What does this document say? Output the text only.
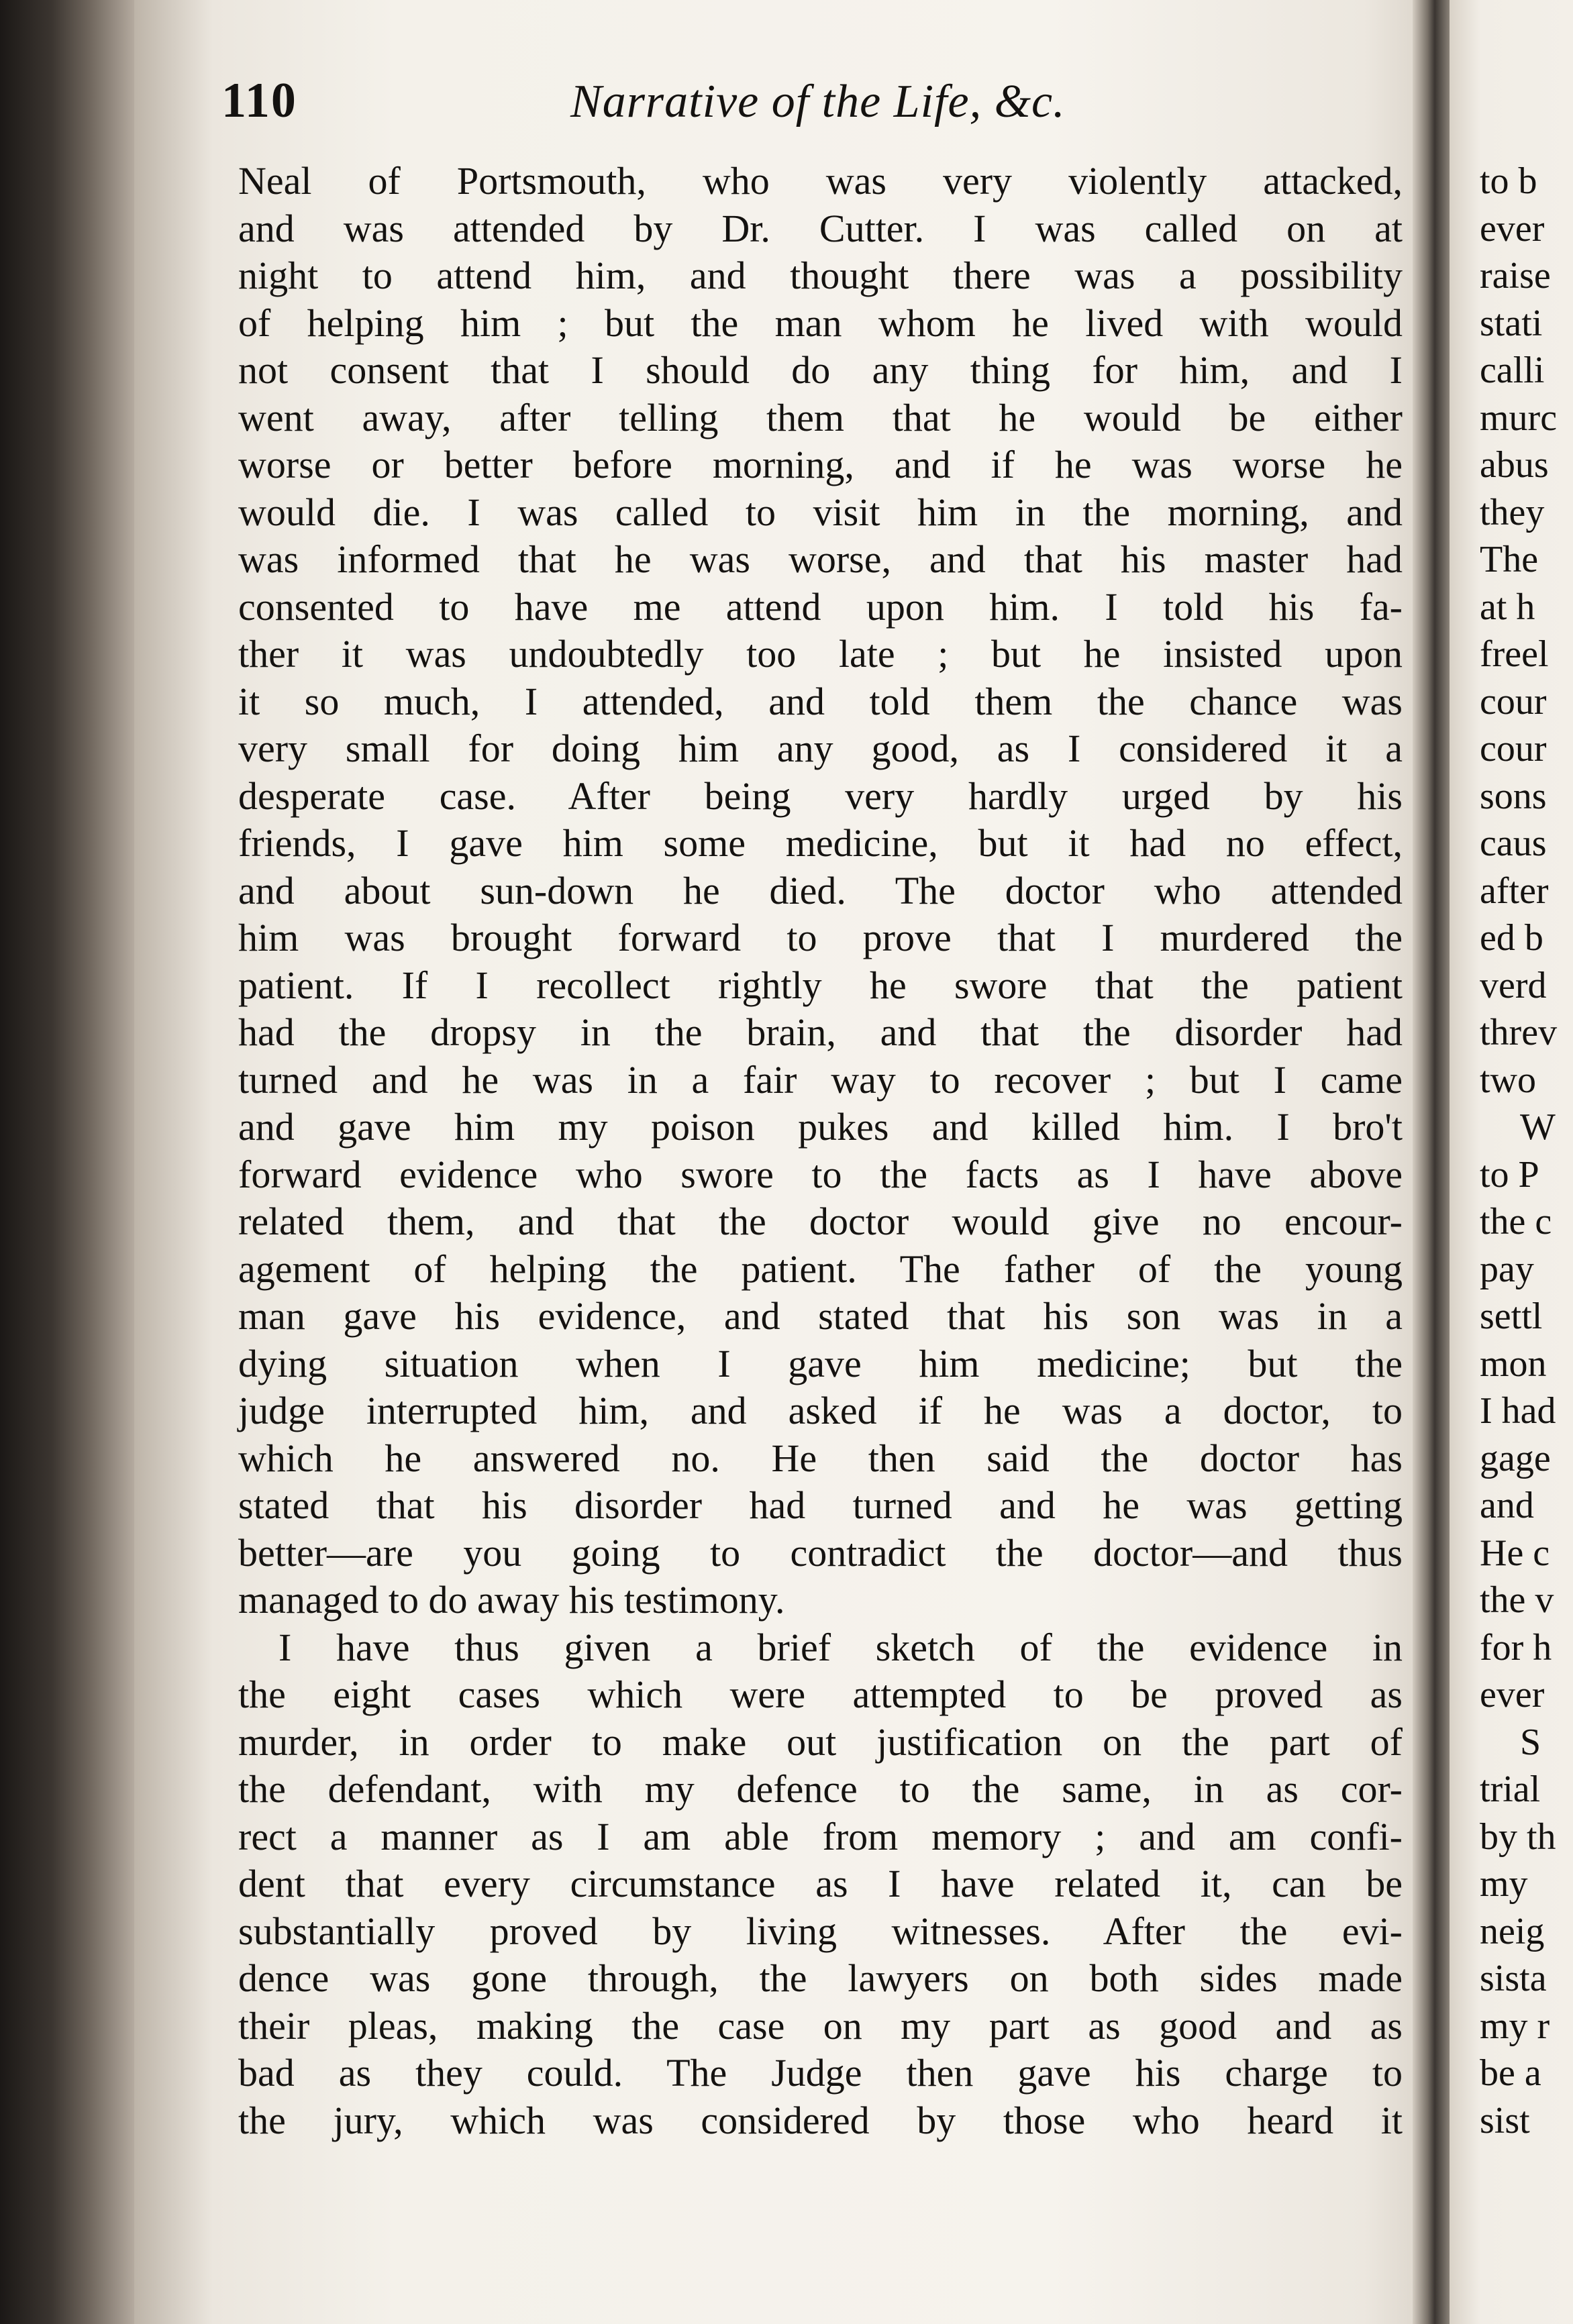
110	Narrative of the Life, &c.
Neal of Portsmouth, who was very violently attacked,
and was attended by Dr. Cutter. I was called on at
night to attend him, and thought there was a possibility
of helping him ; but the man whom he lived with would
not consent that I should do any thing for him, and I
went away, after telling them that he would be either
worse or better before morning, and if he was worse he
would die. I was called to visit him in the morning, and
was informed that he was worse, and that his master had
consented to have me attend upon him. I told his fa-
ther it was undoubtedly too late ; but he insisted upon
it so much, I attended, and told them the chance was
very small for doing him any good, as I considered it a
desperate case. After being very hardly urged by his
friends, I gave him some medicine, but it had no effect,
and about sun-down he died. The doctor who attended
him was brought forward to prove that I murdered the
patient. If I recollect rightly he swore that the patient
had the dropsy in the brain, and that the disorder had
turned and he was in a fair way to recover ; but I came
and gave him my poison pukes and killed him. I bro't
forward evidence who swore to the facts as I have above
related them, and that the doctor would give no encour-
agement of helping the patient. The father of the young
man gave his evidence, and stated that his son was in a
dying situation when I gave him medicine; but the
judge interrupted him, and asked if he was a doctor, to
which he answered no. He then said the doctor has
stated that his disorder had turned and he was getting
better—are you going to contradict the doctor—and thus
managed to do away his testimony.
I have thus given a brief sketch of the evidence in
the eight cases which were attempted to be proved as
murder, in order to make out justification on the part of
the defendant, with my defence to the same, in as cor-
rect a manner as I am able from memory ; and am confi-
dent that every circumstance as I have related it, can be
substantially proved by living witnesses. After the evi-
dence was gone through, the lawyers on both sides made
their pleas, making the case on my part as good and as
bad as they could. The Judge then gave his charge to
the jury, which was considered by those who heard it
to b
ever
raise
stati
calli
murc
abus
they
The
at h
freel
cour
cour
sons
caus
after
ed b
verd
threv
two
W
to P
the c
pay
settl
mon
I had
gage
and
He c
the v
for h
ever
S
trial
by th
my
neig
sista
my r
be a
sist
